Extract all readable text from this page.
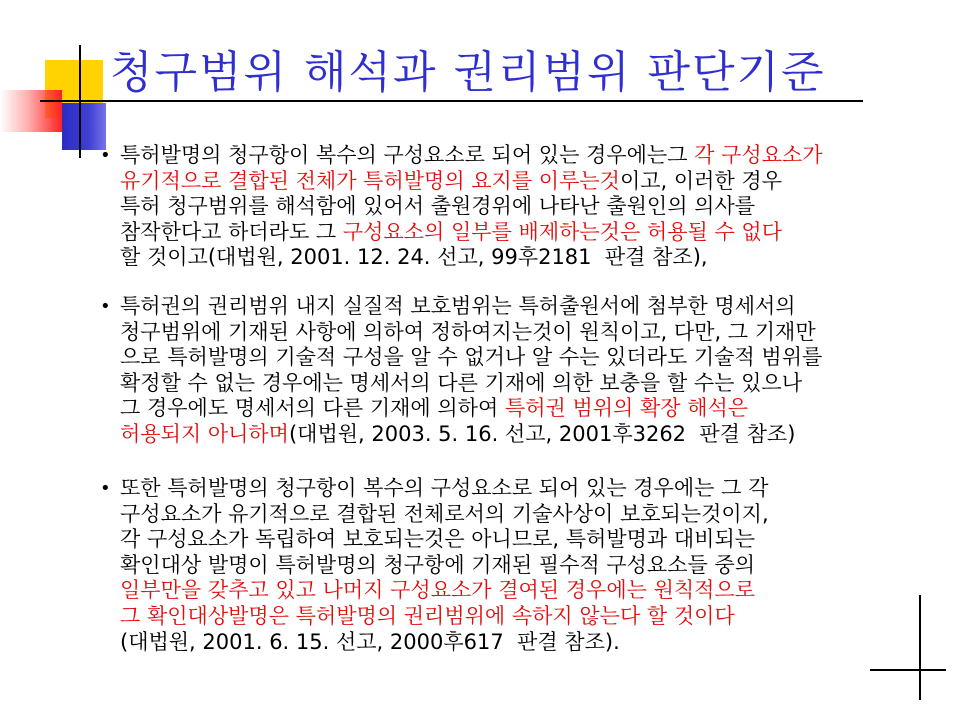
청구범위 해석과 권리범위 판단기준
• 특허발명의 청구항이 복수의 구성요소로 되어 있는 경우에는그 각 구성요소가
유기적으로 결합된 전체가 특허발명의 요지를 이루는것이고, 이러한 경우
특허 청구범위를 해석함에 있어서 출원경위에 나타난 출원인의 의사를
참작한다고 하더라도 그 구성요소의 일부를 배제하는것은 허용될 수 없다
할 것이고(대법원, 2001. 12. 24. 선고, 99후2181  판결 참조),
• 특허권의 권리범위 내지 실질적 보호범위는 특허출원서에 첨부한 명세서의
청구범위에 기재된 사항에 의하여 정하여지는것이 원칙이고, 다만, 그 기재만
으로 특허발명의 기술적 구성을 알 수 없거나 알 수는 있더라도 기술적 범위를
확정할 수 없는 경우에는 명세서의 다른 기재에 의한 보충을 할 수는 있으나
그 경우에도 명세서의 다른 기재에 의하여 특허권 범위의 확장 해석은
허용되지 아니하며(대법원, 2003. 5. 16. 선고, 2001후3262  판결 참조)
• 또한 특허발명의 청구항이 복수의 구성요소로 되어 있는 경우에는 그 각
구성요소가 유기적으로 결합된 전체로서의 기술사상이 보호되는것이지,
각 구성요소가 독립하여 보호되는것은 아니므로, 특허발명과 대비되는
확인대상 발명이 특허발명의 청구항에 기재된 필수적 구성요소들 중의
일부만을 갖추고 있고 나머지 구성요소가 결여된 경우에는 원칙적으로
그 확인대상발명은 특허발명의 권리범위에 속하지 않는다 할 것이다
(대법원, 2001. 6. 15. 선고, 2000후617  판결 참조).
